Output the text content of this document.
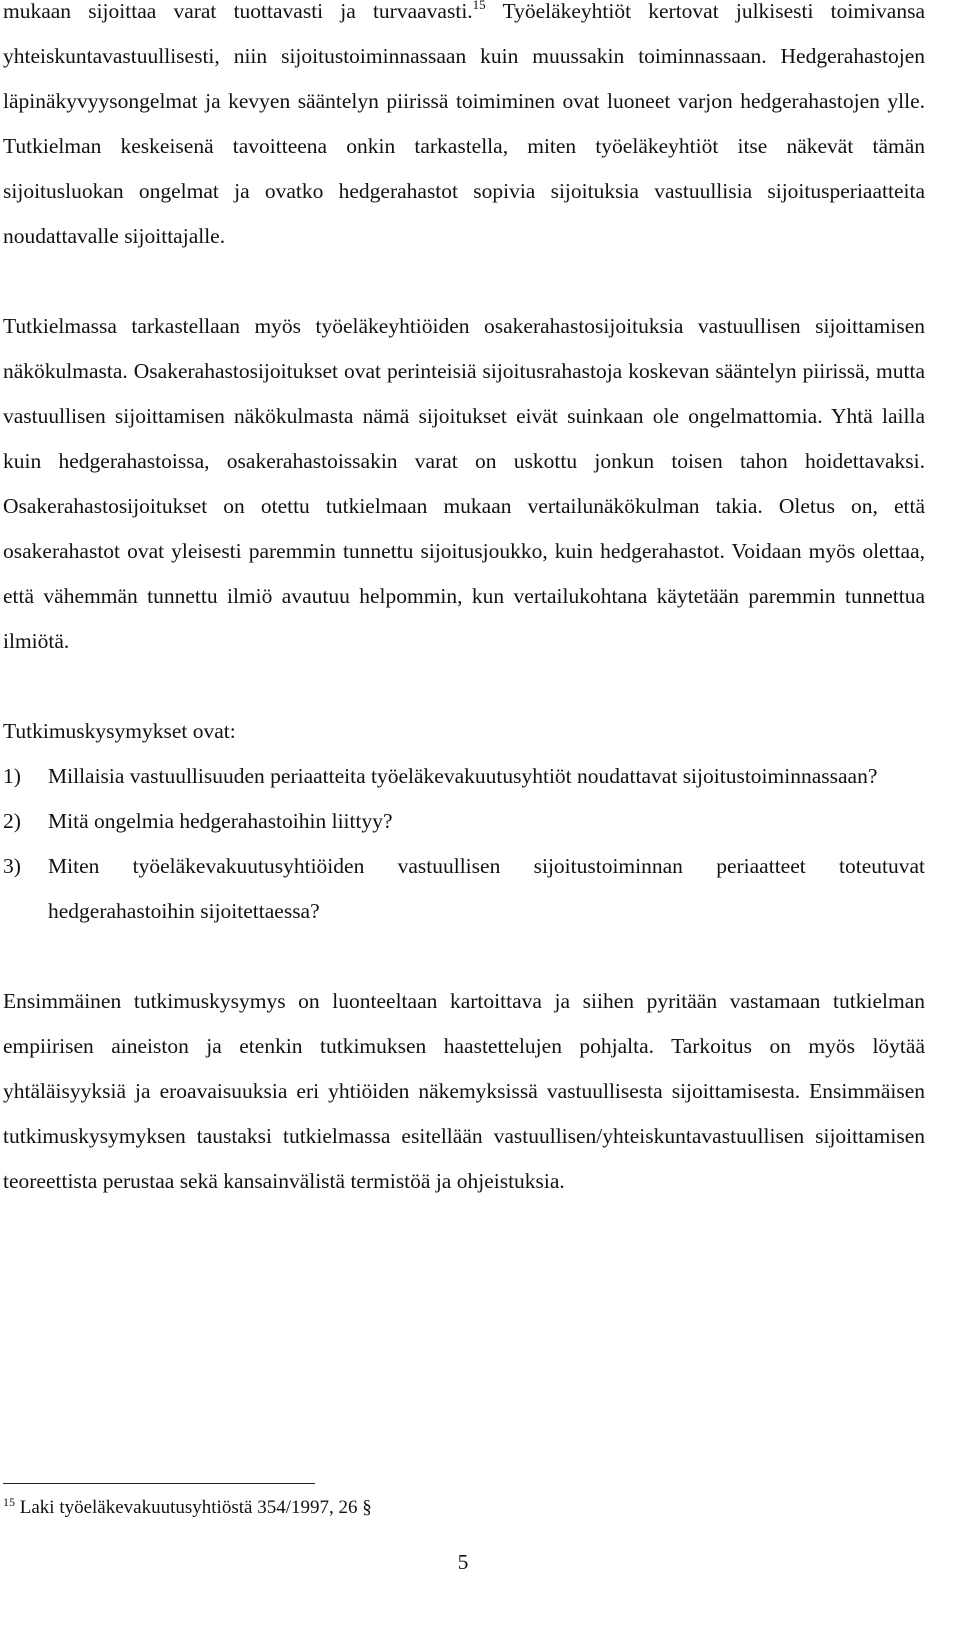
mukaan sijoittaa varat tuottavasti ja turvaavasti.$^{15}$ Työeläkeyhtiöt kertovat julkisesti toimivansa yhteiskuntavastuullisesti, niin sijoitustoiminnassaan kuin muussakin toiminnassaan. Hedgerahastojen läpinäkyvyysongelmat ja kevyen sääntelyn piirissä toimiminen ovat luoneet varjon hedgerahastojen ylle. Tutkielman keskeisenä tavoitteena onkin tarkastella, miten työeläkeyhtiöt itse näkevät tämän sijoitusluokan ongelmat ja ovatko hedgerahastot sopivia sijoituksia vastuullisia sijoitusperiaatteita noudattavalle sijoittajalle.

Tutkielmassa tarkastellaan myös työeläkeyhtiöiden osakerahastosijoituksia vastuullisen sijoittamisen näkökulmasta. Osakerahastosijoitukset ovat perinteisiä sijoitusrahastoja koskevan sääntelyn piirissä, mutta vastuullisen sijoittamisen näkökulmasta nämä sijoitukset eivät suinkaan ole ongelmattomia. Yhtä lailla kuin hedgerahastoissa, osakerahastoissakin varat on uskottu jonkun toisen tahon hoidettavaksi. Osakerahastosijoitukset on otettu tutkielmaan mukaan vertailunäkökulman takia. Oletus on, että osakerahastot ovat yleisesti paremmin tunnettu sijoitusjoukko, kuin hedgerahastot. Voidaan myös olettaa, että vähemmän tunnettu ilmiö avautuu helpommin, kun vertailukohtana käytetään paremmin tunnettua ilmiötä.

Tutkimuskysymykset ovat:

1) Millaisia vastuullisuuden periaatteita työeläkevakuutusyhtiöt noudattavat sijoitustoiminnassaan?
2) Mitä ongelmia hedgerahastoihin liittyy?
3) Miten työeläkevakuutusyhtiöiden vastuullisen sijoitustoiminnan periaatteet toteutuvat hedgerahastoihin sijoitettaessa?

Ensimmäinen tutkimuskysymys on luonteeltaan kartoittava ja siihen pyritään vastamaan tutkielman empiirisen aineiston ja etenkin tutkimuksen haastettelujen pohjalta. Tarkoitus on myös löytää yhtäläisyyksiä ja eroavaisuuksia eri yhtiöiden näkemyksissä vastuullisesta sijoittamisesta. Ensimmäisen tutkimuskysymyksen taustaksi tutkielmassa esitellään vastuullisen/yhteiskuntavastuullisen sijoittamisen teoreettista perustaa sekä kansainvälistä termistöä ja ohjeistuksia.

$^{15}$ Laki työeläkevakuutusyhtiöstä 354/1997, 26 §
5
